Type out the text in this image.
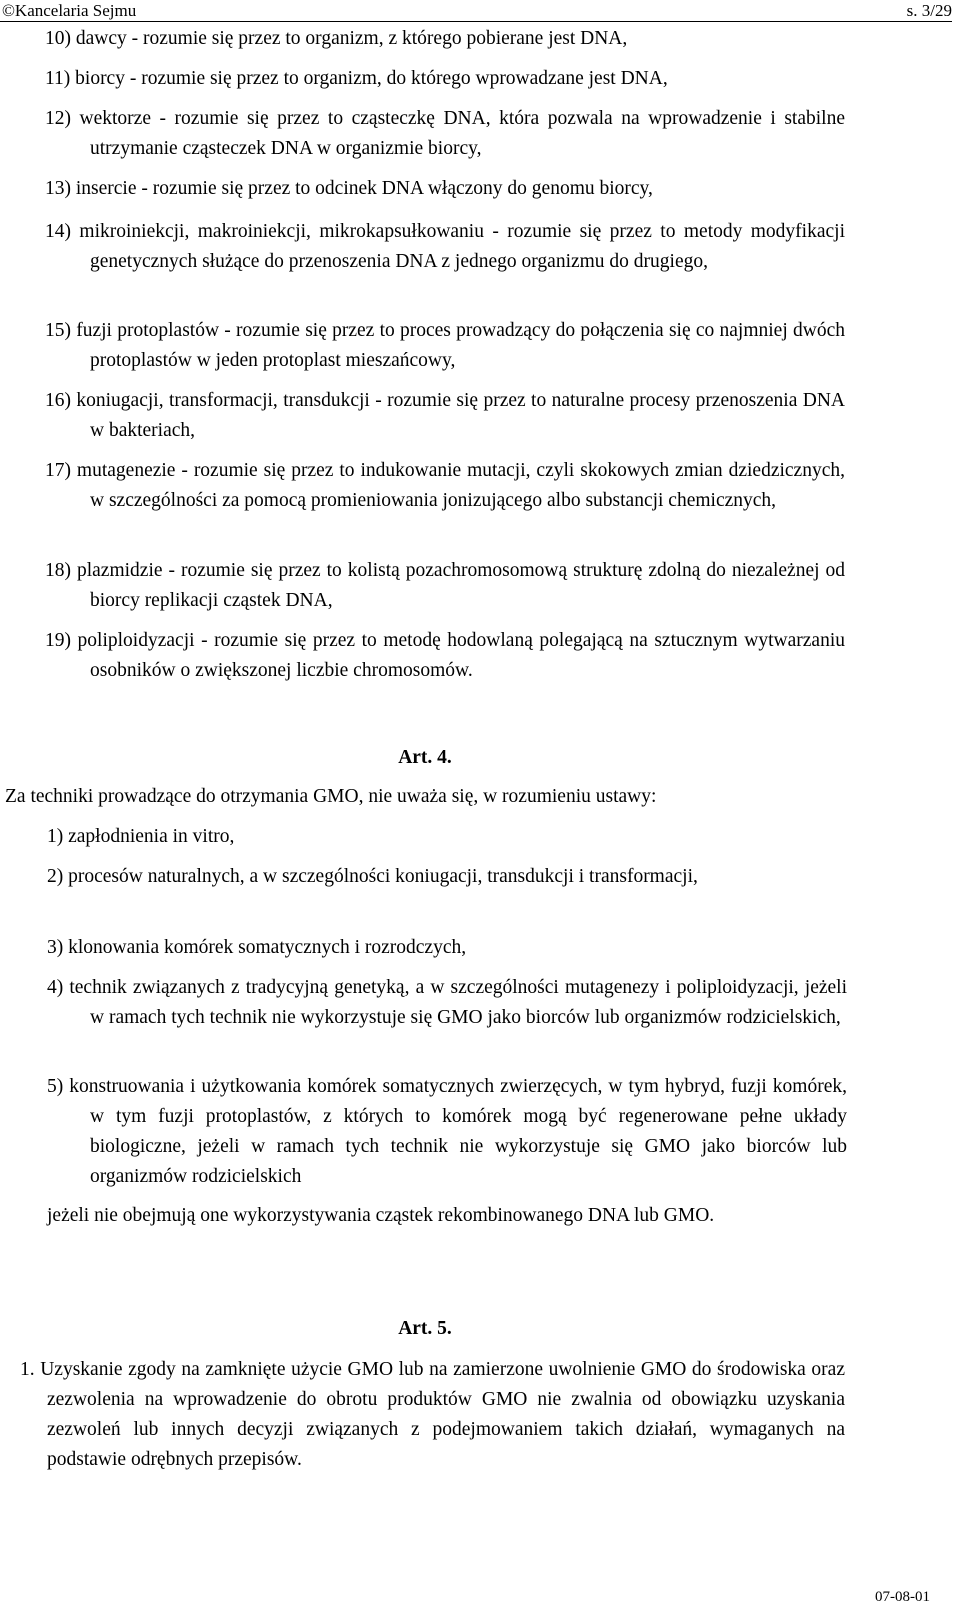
©Kancelaria Sejmu	s. 3/29
10) dawcy - rozumie się przez to organizm, z którego pobierane jest DNA,
11) biorcy - rozumie się przez to organizm, do którego wprowadzane jest DNA,
12) wektorze - rozumie się przez to cząsteczkę DNA, która pozwala na wprowadzenie i stabilne utrzymanie cząsteczek DNA w organizmie biorcy,
13) insercie - rozumie się przez to odcinek DNA włączony do genomu biorcy,
14) mikroiniekcji, makroiniekcji, mikrokapsułkowaniu - rozumie się przez to metody modyfikacji genetycznych służące do przenoszenia DNA z jednego organizmu do drugiego,
15) fuzji protoplastów - rozumie się przez to proces prowadzący do połączenia się co najmniej dwóch protoplastów w jeden protoplast mieszańcowy,
16) koniugacji, transformacji, transdukcji - rozumie się przez to naturalne procesy przenoszenia DNA w bakteriach,
17) mutagenezie - rozumie się przez to indukowanie mutacji, czyli skokowych zmian dziedzicznych, w szczególności za pomocą promieniowania jonizującego albo substancji chemicznych,
18) plazmidzie - rozumie się przez to kolistą pozachromosomową strukturę zdolną do niezależnej od biorcy replikacji cząstek DNA,
19) poliploidyzacji - rozumie się przez to metodę hodowlaną polegającą na sztucznym wytwarzaniu osobników o zwiększonej liczbie chromosomów.
Art. 4.
Za techniki prowadzące do otrzymania GMO, nie uważa się, w rozumieniu ustawy:
1) zapłodnienia in vitro,
2) procesów naturalnych, a w szczególności koniugacji, transdukcji i transformacji,
3) klonowania komórek somatycznych i rozrodczych,
4) technik związanych z tradycyjną genetyką, a w szczególności mutagenezy i poliploidyzacji, jeżeli w ramach tych technik nie wykorzystuje się GMO jako biorców lub organizmów rodzicielskich,
5) konstruowania i użytkowania komórek somatycznych zwierzęcych, w tym hybryd, fuzji komórek, w tym fuzji protoplastów, z których to komórek mogą być regenerowane pełne układy biologiczne, jeżeli w ramach tych technik nie wykorzystuje się GMO jako biorców lub organizmów rodzicielskich
jeżeli nie obejmują one wykorzystywania cząstek rekombinowanego DNA lub GMO.
Art. 5.
1. Uzyskanie zgody na zamknięte użycie GMO lub na zamierzone uwolnienie GMO do środowiska oraz zezwolenia na wprowadzenie do obrotu produktów GMO nie zwalnia od obowiązku uzyskania zezwoleń lub innych decyzji związanych z podejmowaniem takich działań, wymaganych na podstawie odrębnych przepisów.
07-08-01
